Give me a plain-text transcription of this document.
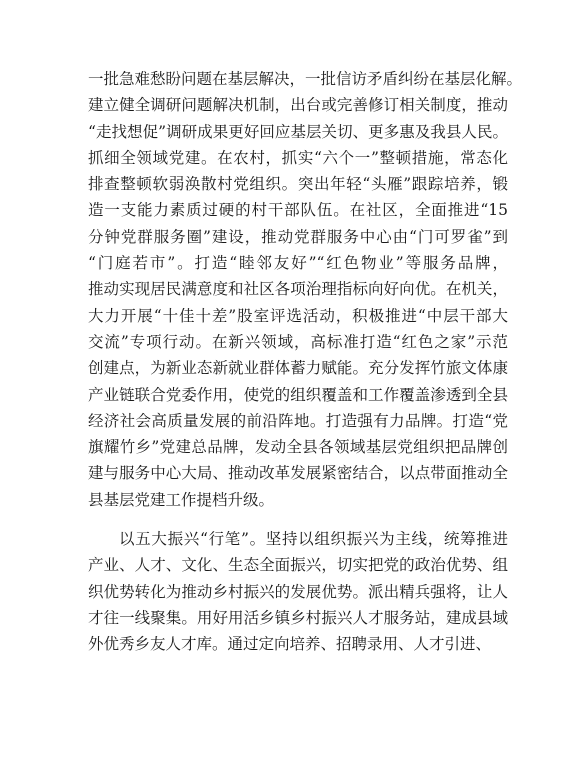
一批急难愁盼问题在基层解决，一批信访矛盾纠纷在基层化解。
建立健全调研问题解决机制，出台或完善修订相关制度，推动
“走找想促”调研成果更好回应基层关切、更多惠及我县人民。
抓细全领域党建。在农村，抓实“六个一”整顿措施，常态化
排查整顿软弱涣散村党组织。突出年轻“头雁”跟踪培养，锻
造一支能力素质过硬的村干部队伍。在社区，全面推进“15
分钟党群服务圈”建设，推动党群服务中心由“门可罗雀”到
“门庭若市”。打造“睦邻友好”“红色物业”等服务品牌，
推动实现居民满意度和社区各项治理指标向好向优。在机关，
大力开展“十佳十差”股室评选活动，积极推进“中层干部大
交流”专项行动。在新兴领域，高标准打造“红色之家”示范
创建点，为新业态新就业群体蓄力赋能。充分发挥竹旅文体康
产业链联合党委作用，使党的组织覆盖和工作覆盖渗透到全县
经济社会高质量发展的前沿阵地。打造强有力品牌。打造“党
旗耀竹乡”党建总品牌，发动全县各领域基层党组织把品牌创
建与服务中心大局、推动改革发展紧密结合，以点带面推动全
县基层党建工作提档升级。
以五大振兴“行笔”。坚持以组织振兴为主线，统筹推进
产业、人才、文化、生态全面振兴，切实把党的政治优势、组
织优势转化为推动乡村振兴的发展优势。派出精兵强将，让人
才往一线聚集。用好用活乡镇乡村振兴人才服务站，建成县域
外优秀乡友人才库。通过定向培养、招聘录用、人才引进、
